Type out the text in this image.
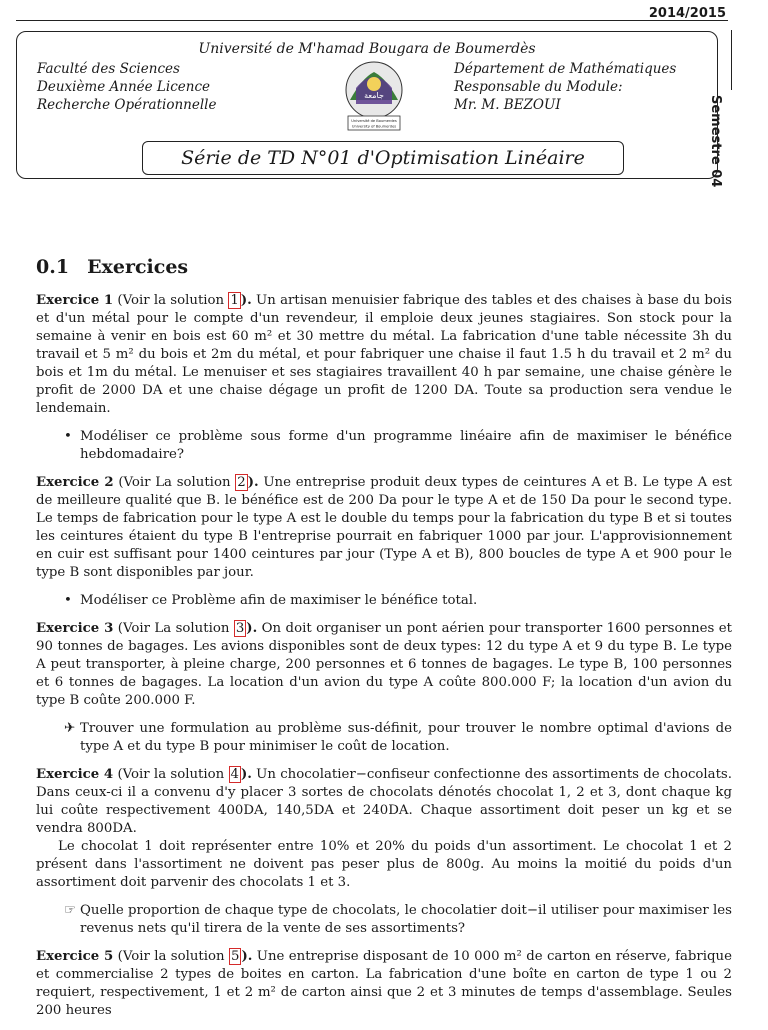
2014/2015
Semestre 04
Université de M'hamad Bougara de Boumerdès
Faculté des Sciences
Deuxième Année Licence
Recherche Opérationnelle
Département de Mathématiques
Responsable du Module:
Mr. M. BEZOUI
جامعة
Université de Boumerdes
University of Boumerdes
Série de TD N°01 d'Optimisation Linéaire
0.1 Exercices

Exercice 1 (Voir la solution 1 ). Un artisan menuisier fabrique des tables et des chaises à base du bois et d'un métal pour le compte d'un revendeur, il emploie deux jeunes stagiaires. Son stock pour la semaine à venir en bois est 60 m² et 30 mettre du métal. La fabrication d'une table nécessite 3h du travail et 5 m² du bois et 2m du métal, et pour fabriquer une chaise il faut 1.5 h du travail et 2 m² du bois et 1m du métal. Le menuiser et ses stagiaires travaillent 40 h par semaine, une chaise génère le profit de 2000 DA et une chaise dégage un profit de 1200 DA. Toute sa production sera vendue le lendemain.

• Modéliser ce problème sous forme d'un programme linéaire afin de maximiser le bénéfice hebdomadaire?

Exercice 2 (Voir La solution 2 ). Une entreprise produit deux types de ceintures A et B. Le type A est de meilleure qualité que B. le bénéfice est de 200 Da pour le type A et de 150 Da pour le second type. Le temps de fabrication pour le type A est le double du temps pour la fabrication du type B et si toutes les ceintures étaient du type B l'entreprise pourrait en fabriquer 1000 par jour. L'approvisionnement en cuir est suffisant pour 1400 ceintures par jour (Type A et B), 800 boucles de type A et 900 pour le type B sont disponibles par jour.

• Modéliser ce Problème afin de maximiser le bénéfice total.

Exercice 3 (Voir La solution 3 ). On doit organiser un pont aérien pour transporter 1600 personnes et 90 tonnes de bagages. Les avions disponibles sont de deux types: 12 du type A et 9 du type B. Le type A peut transporter, à pleine charge, 200 personnes et 6 tonnes de bagages. Le type B, 100 personnes et 6 tonnes de bagages. La location d'un avion du type A coûte 800.000 F; la location d'un avion du type B coûte 200.000 F.

✈ Trouver une formulation au problème sus-définit, pour trouver le nombre optimal d'avions de type A et du type B pour minimiser le coût de location.

Exercice 4 (Voir la solution 4 ). Un chocolatier−confiseur confectionne des assortiments de chocolats. Dans ceux-ci il a convenu d'y placer 3 sortes de chocolats dénotés chocolat 1, 2 et 3, dont chaque kg lui coûte respectivement 400DA, 140,5DA et 240DA. Chaque assortiment doit peser un kg et se vendra 800DA.

Le chocolat 1 doit représenter entre 10% et 20% du poids d'un assortiment. Le chocolat 1 et 2 présent dans l'assortiment ne doivent pas peser plus de 800g. Au moins la moitié du poids d'un assortiment doit parvenir des chocolats 1 et 3.

☞ Quelle proportion de chaque type de chocolats, le chocolatier doit−il utiliser pour maximiser les revenus nets qu'il tirera de la vente de ses assortiments?

Exercice 5 (Voir la solution 5 ). Une entreprise disposant de 10 000 m² de carton en réserve, fabrique et commercialise 2 types de boites en carton. La fabrication d'une boîte en carton de type 1 ou 2 requiert, respectivement, 1 et 2 m² de carton ainsi que 2 et 3 minutes de temps d'assemblage. Seules 200 heures
